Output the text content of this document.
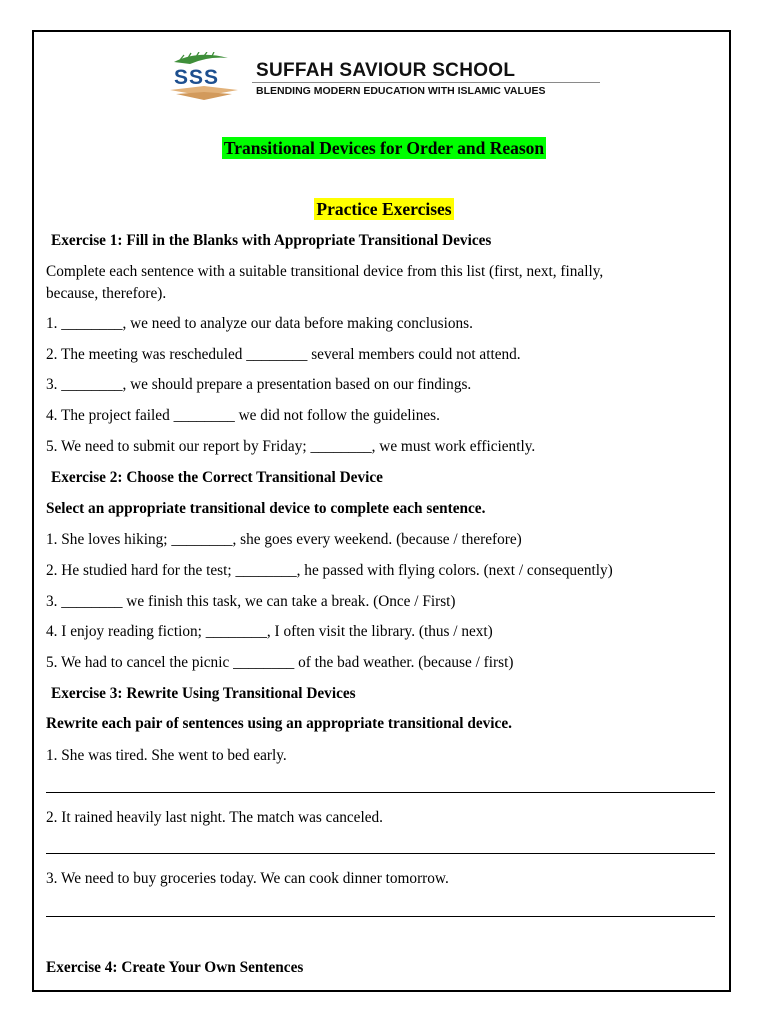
SSS SUFFAH SAVIOUR SCHOOL
BLENDING MODERN EDUCATION WITH ISLAMIC VALUES
Transitional Devices for Order and Reason
Practice Exercises
Exercise 1: Fill in the Blanks with Appropriate Transitional Devices
Complete each sentence with a suitable transitional device from this list (first, next, finally,
because, therefore).
1. ________, we need to analyze our data before making conclusions.
2. The meeting was rescheduled ________ several members could not attend.
3. ________, we should prepare a presentation based on our findings.
4. The project failed ________ we did not follow the guidelines.
5. We need to submit our report by Friday; ________, we must work efficiently.
Exercise 2: Choose the Correct Transitional Device
Select an appropriate transitional device to complete each sentence.
1. She loves hiking; ________, she goes every weekend. (because / therefore)
2. He studied hard for the test; ________, he passed with flying colors. (next / consequently)
3. ________ we finish this task, we can take a break. (Once / First)
4. I enjoy reading fiction; ________, I often visit the library. (thus / next)
5. We had to cancel the picnic ________ of the bad weather. (because / first)
Exercise 3: Rewrite Using Transitional Devices
Rewrite each pair of sentences using an appropriate transitional device.
1. She was tired. She went to bed early.
2. It rained heavily last night. The match was canceled.
3. We need to buy groceries today. We can cook dinner tomorrow.
Exercise 4: Create Your Own Sentences
